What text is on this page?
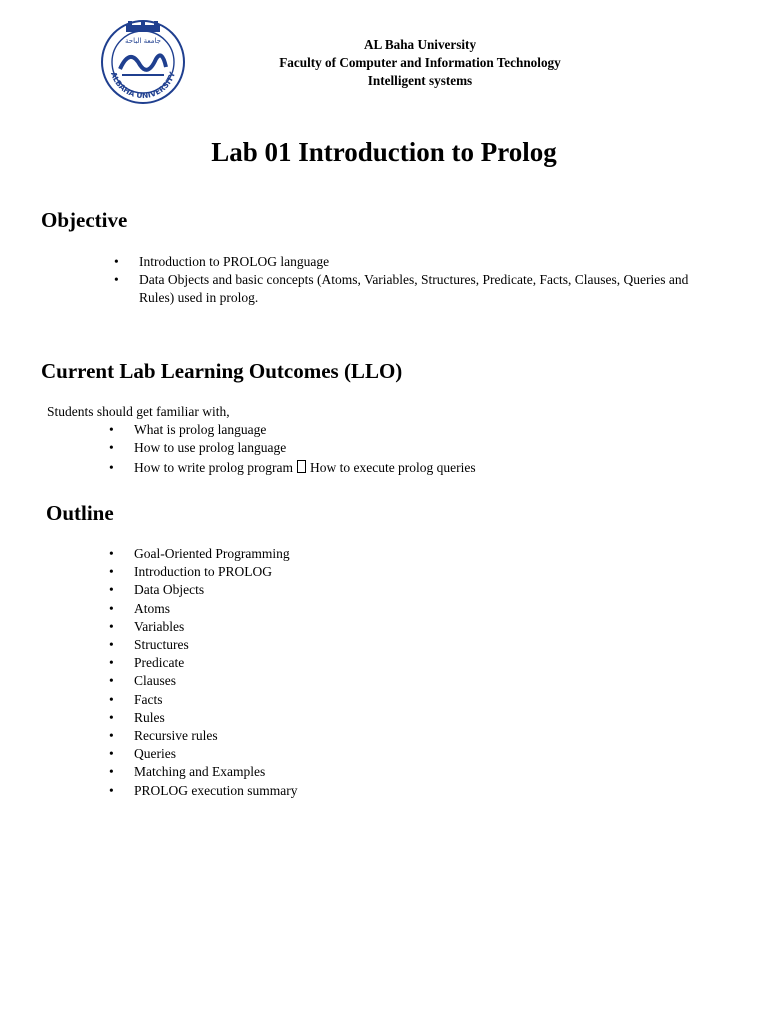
جامعة الباحة
ALBAHA UNIVERSITY
AL Baha University
Faculty of Computer and Information Technology
Intelligent systems
Lab 01 Introduction to Prolog
Objective
• Introduction to PROLOG language
• Data Objects and basic concepts (Atoms, Variables, Structures, Predicate, Facts, Clauses, Queries and Rules) used in prolog.
Current Lab Learning Outcomes (LLO)

Students should get familiar with,

• What is prolog language
• How to use prolog language
• How to write prolog program How to execute prolog queries
Outline
• Goal-Oriented Programming
• Introduction to PROLOG
• Data Objects
• Atoms
• Variables
• Structures
• Predicate
• Clauses
• Facts
• Rules
• Recursive rules
• Queries
• Matching and Examples
• PROLOG execution summary
